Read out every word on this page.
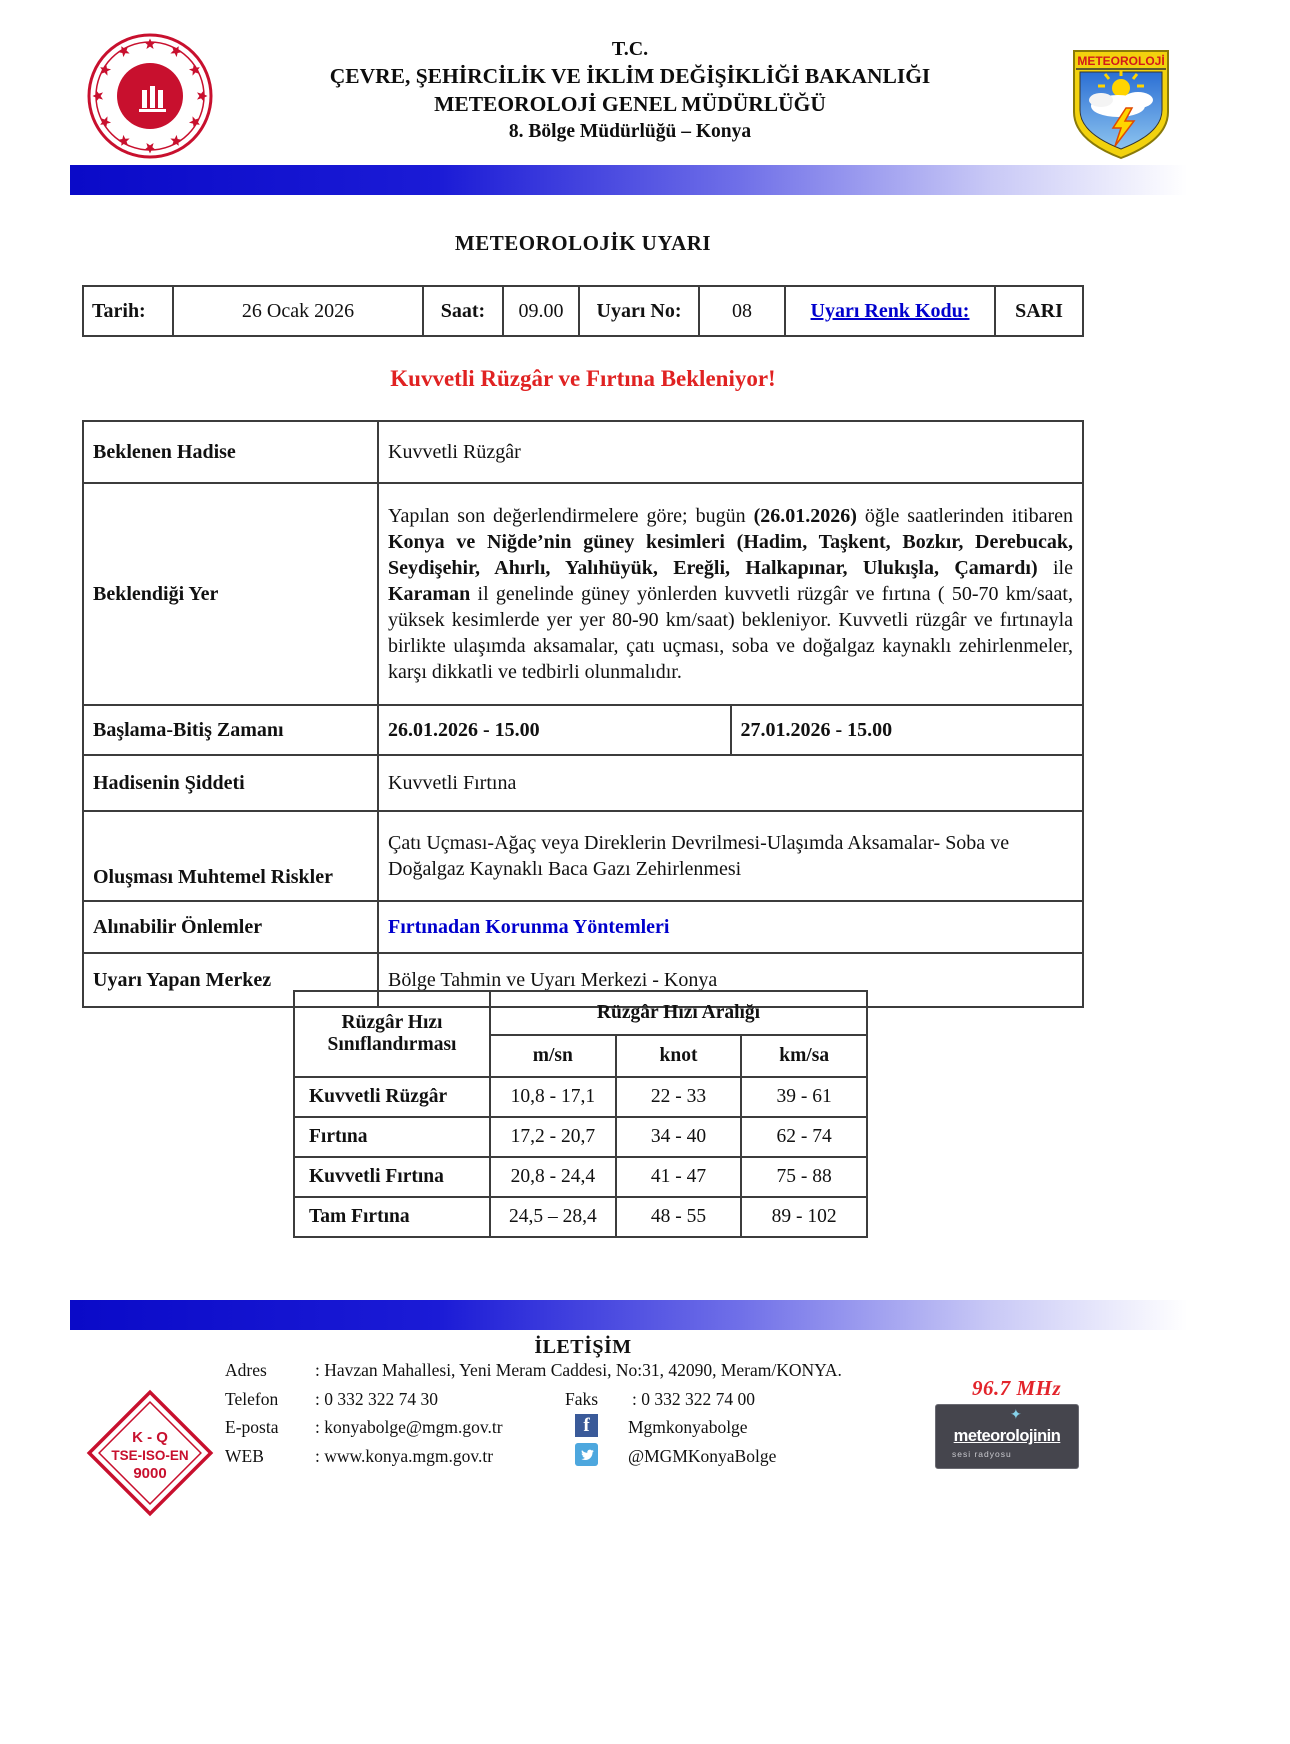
T.C.
ÇEVRE, ŞEHİRCİLİK VE İKLİM DEĞİŞİKLİĞİ BAKANLIĞI
METEOROLOJİ GENEL MÜDÜRLÜĞÜ
8. Bölge Müdürlüğü – Konya
METEOROLOJİ
METEOROLOJİK UYARI
Tarih:	26 Ocak 2026	Saat:	09.00	Uyarı No:	08	Uyarı Renk Kodu:	SARI
Kuvvetli Rüzgâr ve Fırtına Bekleniyor!
Beklenen Hadise	Kuvvetli Rüzgâr	
Beklendiği Yer	Yapılan son değerlendirmelere göre; bugün (26.01.2026) öğle saatlerinden itibaren Konya ve Niğde’nin güney kesimleri (Hadim, Taşkent, Bozkır, Derebucak, Seydişehir, Ahırlı, Yalıhüyük, Ereğli, Halkapınar, Ulukışla, Çamardı) ile Karaman il genelinde güney yönlerden kuvvetli rüzgâr ve fırtına ( 50-70 km/saat, yüksek kesimlerde yer yer 80-90 km/saat) bekleniyor. Kuvvetli rüzgâr ve fırtınayla birlikte ulaşımda aksamalar, çatı uçması, soba ve doğalgaz kaynaklı zehirlenmeler, karşı dikkatli ve tedbirli olunmalıdır.	
Başlama-Bitiş Zamanı	26.01.2026 - 15.00	27.01.2026 - 15.00
Hadisenin Şiddeti	Kuvvetli Fırtına	
Oluşması Muhtemel Riskler	Çatı Uçması-Ağaç veya Direklerin Devrilmesi-Ulaşımda Aksamalar- Soba ve Doğalgaz Kaynaklı Baca Gazı Zehirlenmesi	
Alınabilir Önlemler	Fırtınadan Korunma Yöntemleri	
Uyarı Yapan Merkez	Bölge Tahmin ve Uyarı Merkezi - Konya	
Rüzgâr Hızı Sınıflandırması	Rüzgâr Hızı Aralığı		
	m/sn	knot	km/sa
Kuvvetli Rüzgâr	10,8 - 17,1	22 - 33	39 - 61
Fırtına	17,2 - 20,7	34 - 40	62 - 74
Kuvvetli Fırtına	20,8 - 24,4	41 - 47	75 - 88
Tam Fırtına	24,5 – 28,4	48 - 55	89 - 102
İLETİŞİM
Adres	: Havzan Mahallesi, Yeni Meram Caddesi, No:31, 42090, Meram/KONYA.
Telefon : 0 332 322 74 30	Faks : 0 332 322 74 00
E-posta : konyabolge@mgm.gov.tr	f	Mgmkonyabolge
WEB	: www.konya.mgm.gov.tr	@MGMKonyaBolge
K - Q
TSE-ISO-EN
9000
96.7 MHz
✦
meteorolojinin
sesi radyosu
